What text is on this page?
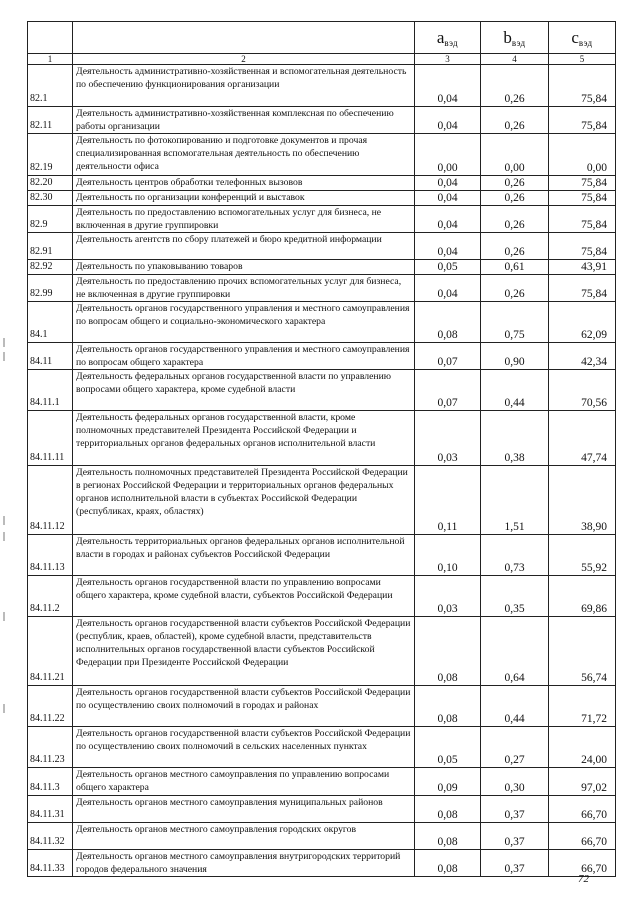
		$a_{вэд}$	$b_{вэд}$	$c_{вэд}$
1	2	3	4	5
82.1	Деятельность административно-хозяйственная и вспомогательная деятельность по обеспечению функционирования организации	0,04	0,26	75,84
82.11	Деятельность административно-хозяйственная комплексная по обеспечению работы организации	0,04	0,26	75,84
82.19	Деятельность по фотокопированию и подготовке документов и прочая специализированная вспомогательная деятельность по обеспечению деятельности офиса	0,00	0,00	0,00
82.20	Деятельность центров обработки телефонных вызовов	0,04	0,26	75,84
82.30	Деятельность по организации конференций и выставок	0,04	0,26	75,84
82.9	Деятельность по предоставлению вспомогательных услуг для бизнеса, не включенная в другие группировки	0,04	0,26	75,84
82.91	Деятельность агентств по сбору платежей и бюро кредитной информации	0,04	0,26	75,84
82.92	Деятельность по упаковыванию товаров	0,05	0,61	43,91
82.99	Деятельность по предоставлению прочих вспомогательных услуг для бизнеса, не включенная в другие группировки	0,04	0,26	75,84
84.1	Деятельность органов государственного управления и местного самоуправления по вопросам общего и социально-экономического характера	0,08	0,75	62,09
84.11	Деятельность органов государственного управления и местного самоуправления по вопросам общего характера	0,07	0,90	42,34
84.11.1	Деятельность федеральных органов государственной власти по управлению вопросами общего характера, кроме судебной власти	0,07	0,44	70,56
84.11.11	Деятельность федеральных органов государственной власти, кроме полномочных представителей Президента Российской Федерации и территориальных органов федеральных органов исполнительной власти	0,03	0,38	47,74
84.11.12	Деятельность полномочных представителей Президента Российской Федерации в регионах Российской Федерации и территориальных органов федеральных органов исполнительной власти в субъектах Российской Федерации (республиках, краях, областях)	0,11	1,51	38,90
84.11.13	Деятельность территориальных органов федеральных органов исполнительной власти в городах и районах субъектов Российской Федерации	0,10	0,73	55,92
84.11.2	Деятельность органов государственной власти по управлению вопросами общего характера, кроме судебной власти, субъектов Российской Федерации	0,03	0,35	69,86
84.11.21	Деятельность органов государственной власти субъектов Российской Федерации (республик, краев, областей), кроме судебной власти, представительств исполнительных органов государственной власти субъектов Российской Федерации при Президенте Российской Федерации	0,08	0,64	56,74
84.11.22	Деятельность органов государственной власти субъектов Российской Федерации по осуществлению своих полномочий в городах и районах	0,08	0,44	71,72
84.11.23	Деятельность органов государственной власти субъектов Российской Федерации по осуществлению своих полномочий в сельских населенных пунктах	0,05	0,27	24,00
84.11.3	Деятельность органов местного самоуправления по управлению вопросами общего характера	0,09	0,30	97,02
84.11.31	Деятельность органов местного самоуправления муниципальных районов	0,08	0,37	66,70
84.11.32	Деятельность органов местного самоуправления городских округов	0,08	0,37	66,70
84.11.33	Деятельность органов местного самоуправления внутригородских территорий городов федерального значения	0,08	0,37	66,70
72
